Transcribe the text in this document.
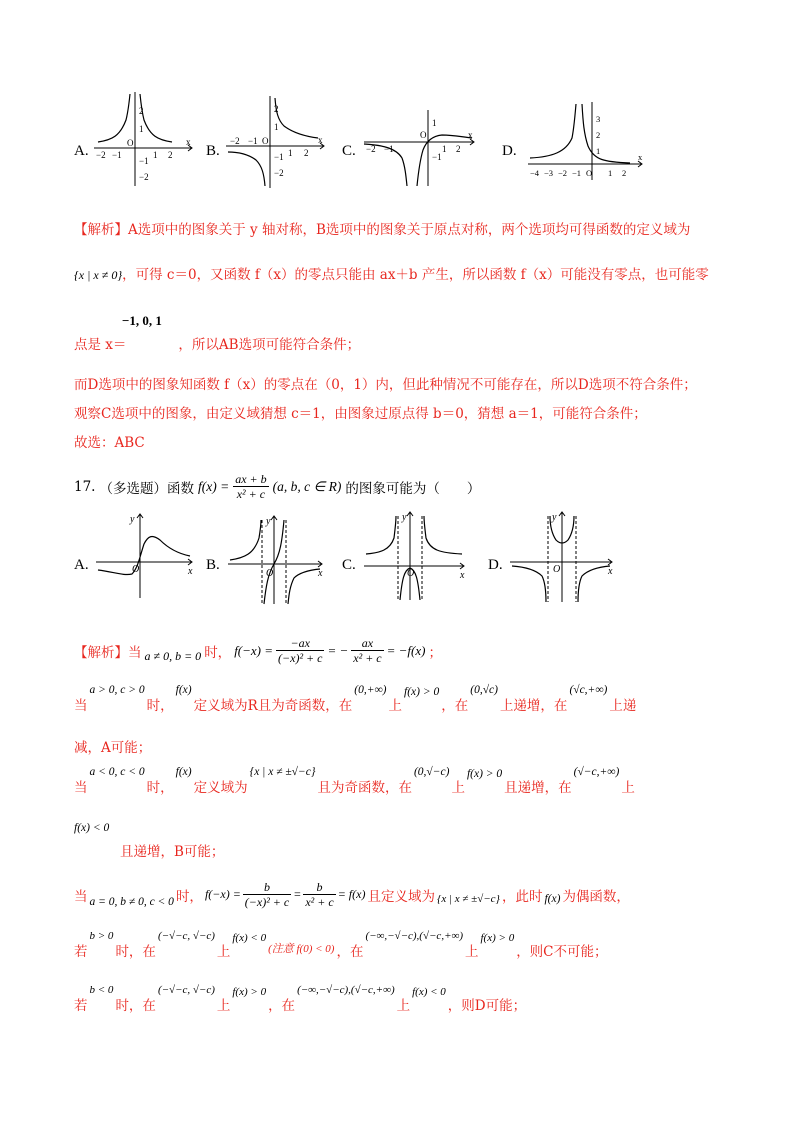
A. −2 −1
O
1 2
x
2
1
−1
−2
B.
−2 −1 O
1 2
x
2
1
−1
−2
C. −2 −1
O
1 2
x
1
−1	D.
−4 −3 −2 −1 O 1 2
x
3
2
1
【解析】A选项中的图象关于 y 轴对称，B选项中的图象关于原点对称，两个选项均可得函数的定义域为
{x | x ≠ 0}，可得 c＝0，又函数 f（x）的零点只能由 ax＋b 产生，所以函数 f（x）可能没有零点，也可能零
−1, 0, 1
点是 x＝	，所以AB选项可能符合条件；
而D选项中的图象知函数 f（x）的零点在（0，1）内，但此种情况不可能存在，所以D选项不符合条件；
观察C选项中的图象，由定义域猜想 c＝1，由图象过原点得 b＝0，猜想 a＝1，可能符合条件；
故选：ABC
17. （多选题）函数 $f(x) = \frac{ax + b}{\text{x² + c}} (a$, b, c ∈ R) 的图象可能为（　　）
A.	x
y
O	B.
x
y
O
C.
x
y
O
D.	x
y
O
【解析】当 a ≠ 0, b = 0 时， $f(-x) = \frac{-ax}{\text{(−x)² + c}}$ = − $\frac{ax}{\text{x² + c}} = -f(x)$ ；
当
a > 0, c > 0
时，
f(x)
定义域为R且为奇函数，在
(0,+∞)
上
f(x) > 0
，在
(0,√c)
上递增，在
(√c,+∞)
上递
减，A可能；
当
a < 0, c < 0
时，
f(x)
定义域为
{x | x ≠ ±√−c}
且为奇函数，在
(0,√−c)
上
f(x) > 0
且递增，在
(√−c,+∞)
上
f(x) < 0
且递增，B可能；
当 a = 0, b ≠ 0, c < 0 时， $f(-x) = \frac{b}{\text{(−x)² + c}} = \frac{b}{\text{x² + c}} = f(x)$ 且定义域为 {x | x ≠ ±√−c} ，此时 f(x) 为偶函数，
若
b > 0
时，在
(−√−c, √−c)
上
f(x) < 0
(注意 f(0) < 0) ，在
(−∞,−√−c),(√−c,+∞)
上
f(x) > 0
，则C不可能；
若
b < 0
时，在
(−√−c, √−c)
上
f(x) > 0
，在
(−∞,−√−c),(√−c,+∞)
上
f(x) < 0
，则D可能；
